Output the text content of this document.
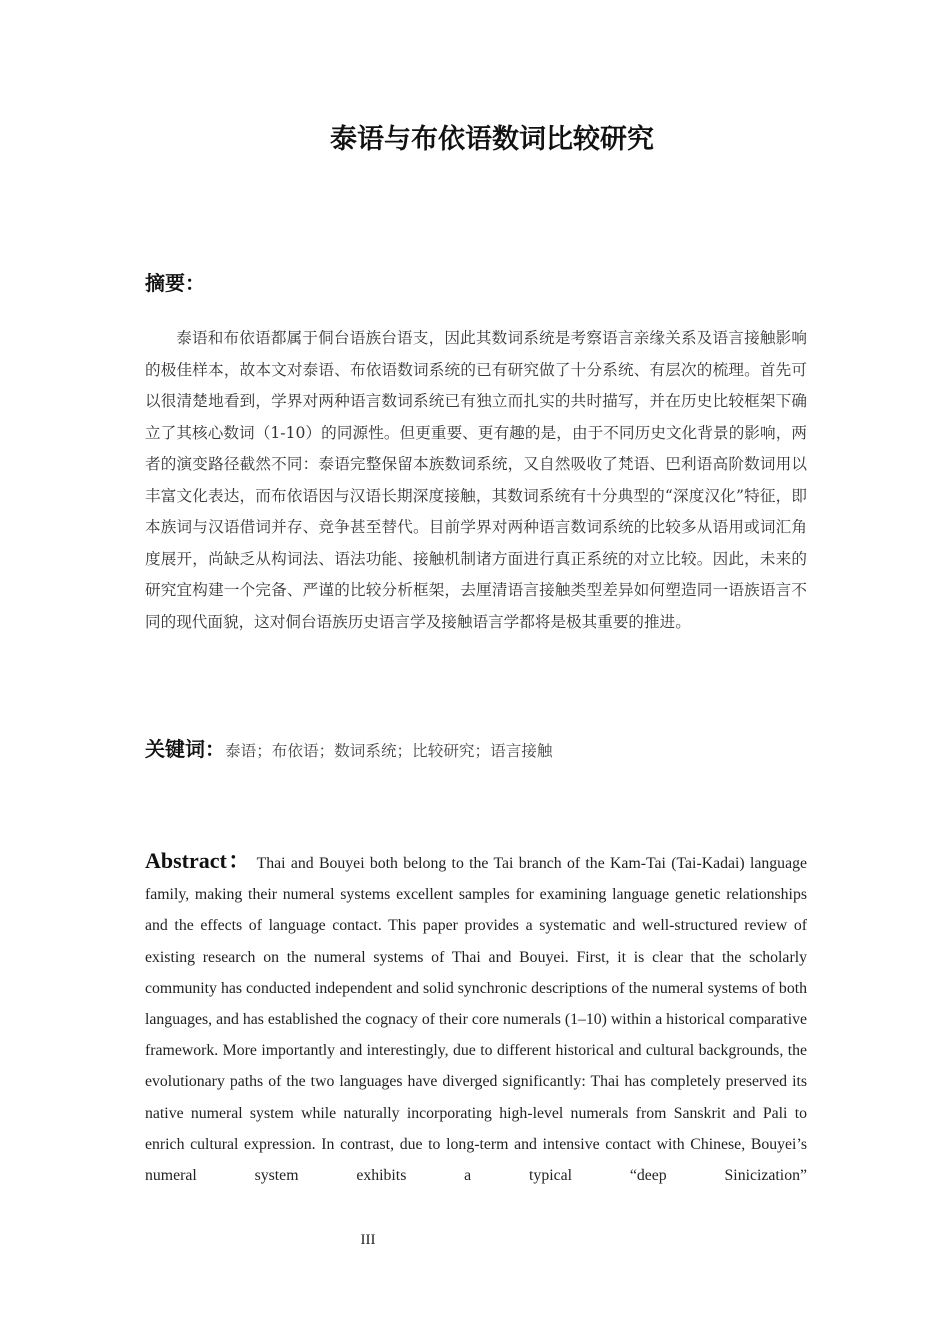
泰语与布依语数词比较研究
摘要：

泰语和布依语都属于侗台语族台语支，因此其数词系统是考察语言亲缘关系及语言接触影响的极佳样本，故本文对泰语、布依语数词系统的已有研究做了十分系统、有层次的梳理。首先可以很清楚地看到，学界对两种语言数词系统已有独立而扎实的共时描写，并在历史比较框架下确立了其核心数词（1-10）的同源性。但更重要、更有趣的是，由于不同历史文化背景的影响，两者的演变路径截然不同：泰语完整保留本族数词系统，又自然吸收了梵语、巴利语高阶数词用以丰富文化表达，而布依语因与汉语长期深度接触，其数词系统有十分典型的“深度汉化”特征，即本族词与汉语借词并存、竞争甚至替代。目前学界对两种语言数词系统的比较多从语用或词汇角度展开，尚缺乏从构词法、语法功能、接触机制诸方面进行真正系统的对立比较。因此，未来的研究宜构建一个完备、严谨的比较分析框架，去厘清语言接触类型差异如何塑造同一语族语言不同的现代面貌，这对侗台语族历史语言学及接触语言学都将是极其重要的推进。

关键词：泰语；布依语；数词系统；比较研究；语言接触

Abstract： Thai and Bouyei both belong to the Tai branch of the Kam-Tai (Tai-Kadai) language family, making their numeral systems excellent samples for examining language genetic relationships and the effects of language contact. This paper provides a systematic and well-structured review of existing research on the numeral systems of Thai and Bouyei. First, it is clear that the scholarly community has conducted independent and solid synchronic descriptions of the numeral systems of both languages, and has established the cognacy of their core numerals (1–10) within a historical comparative framework. More importantly and interestingly, due to different historical and cultural backgrounds, the evolutionary paths of the two languages have diverged significantly: Thai has completely preserved its native numeral system while naturally incorporating high-level numerals from Sanskrit and Pali to enrich cultural expression. In contrast, due to long-term and intensive contact with Chinese, Bouyei’s numeral system exhibits a typical “deep Sinicization”

III
